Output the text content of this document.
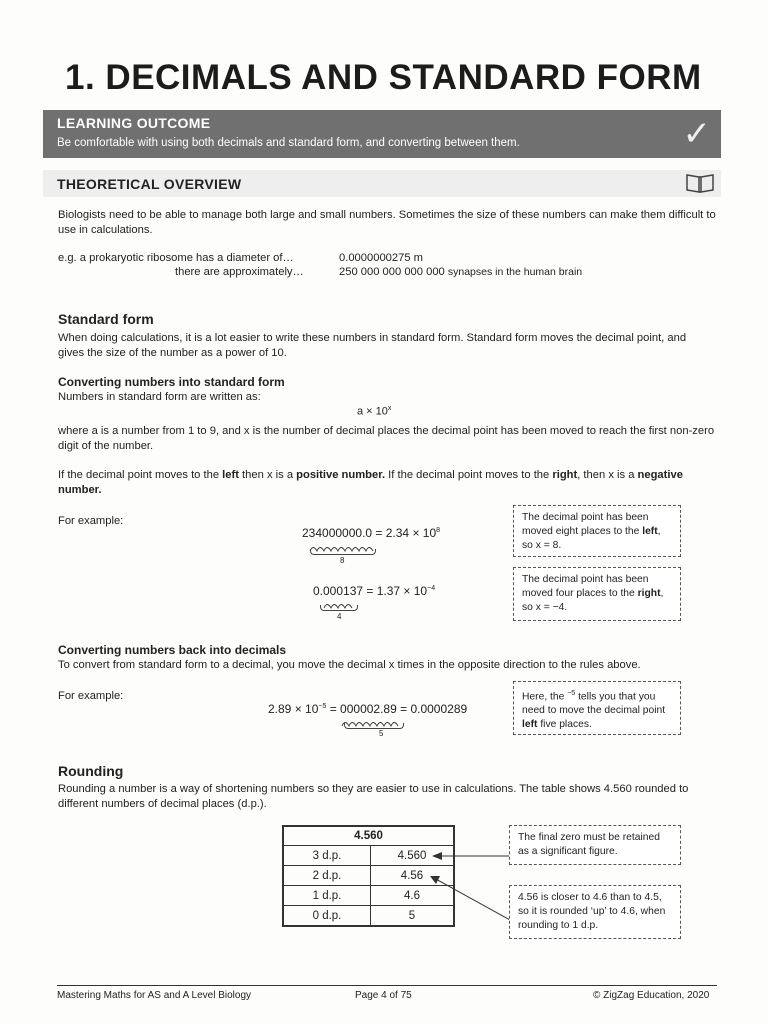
1. DECIMALS AND STANDARD FORM
LEARNING OUTCOME
Be comfortable with using both decimals and standard form, and converting between them.	✓
THEORETICAL OVERVIEW

Biologists need to be able to manage both large and small numbers. Sometimes the size of these numbers can make them difficult to use in calculations.

e.g. a prokaryotic ribosome has a diameter of…	0.0000000275 m
there are approximately…	250 000 000 000 000 synapses in the human brain
Standard form

When doing calculations, it is a lot easier to write these numbers in standard form. Standard form moves the decimal point, and gives the size of the number as a power of 10.

Converting numbers into standard form
Numbers in standard form are written as:
$a \times 10^x$

where a is a number from 1 to 9, and x is the number of decimal places the decimal point has been moved to reach the first non-zero digit of the number.

If the decimal point moves to the left then x is a positive number. If the decimal point moves to the right, then x is a negative number.

For example:
$234000000.0 = 2.34 \times 10^8$
8
The decimal point has been moved eight places to the left, so x = 8.
$0.000137 = 1.37 \times 10^{-4}$
4
The decimal point has been moved four places to the right, so x = −4.
Converting numbers back into decimals
To convert from standard form to a decimal, you move the decimal x times in the opposite direction to the rules above.
For example:
$2.89 \times 10^{-5} = 000002.89 = 0.0000289$
5
Here, the $^{-5}$ tells you that you need to move the decimal point left five places.
Rounding

Rounding a number is a way of shortening numbers so they are easier to use in calculations. The table shows 4.560 rounded to different numbers of decimal places (d.p.).

4.560	
3 d.p.	4.560
2 d.p.	4.56
1 d.p.	4.6
0 d.p.	5
The final zero must be retained as a significant figure.
4.56 is closer to 4.6 than to 4.5, so it is rounded ‘up’ to 4.6, when rounding to 1 d.p.
Mastering Maths for AS and A Level Biology	Page 4 of 75	© ZigZag Education, 2020
